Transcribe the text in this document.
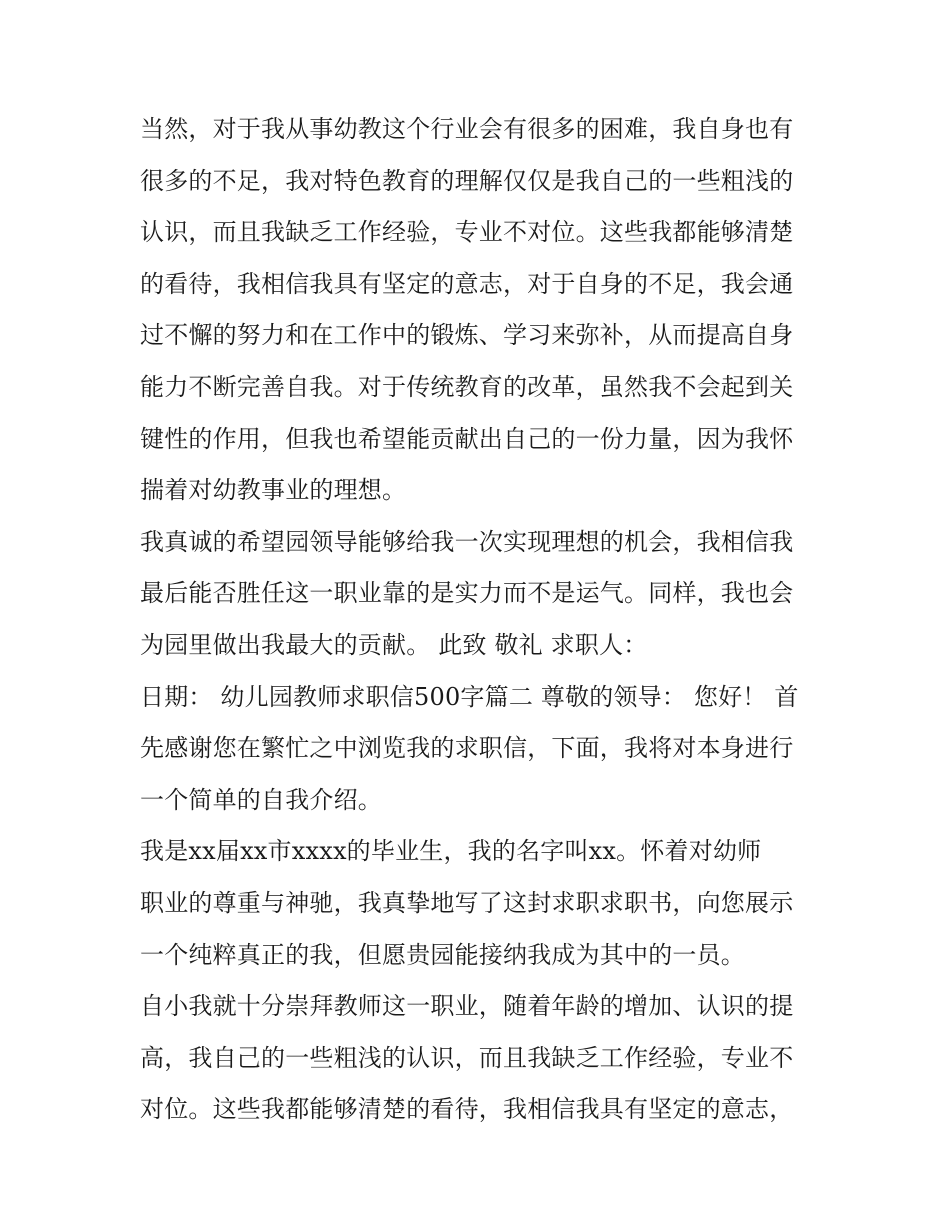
当然，对于我从事幼教这个行业会有很多的困难，我自身也有
很多的不足，我对特色教育的理解仅仅是我自己的一些粗浅的
认识，而且我缺乏工作经验，专业不对位。这些我都能够清楚
的看待，我相信我具有坚定的意志，对于自身的不足，我会通
过不懈的努力和在工作中的锻炼、学习来弥补，从而提高自身
能力不断完善自我。对于传统教育的改革，虽然我不会起到关
键性的作用，但我也希望能贡献出自己的一份力量，因为我怀
揣着对幼教事业的理想。
我真诚的希望园领导能够给我一次实现理想的机会，我相信我
最后能否胜任这一职业靠的是实力而不是运气。同样，我也会
为园里做出我最大的贡献。 此致 敬礼 求职人：
日期： 幼儿园教师求职信500字篇二 尊敬的领导： 您好！ 首
先感谢您在繁忙之中浏览我的求职信，下面，我将对本身进行
一个简单的自我介绍。
我是xx届xx市xxxx的毕业生，我的名字叫xx。怀着对幼师
职业的尊重与神驰，我真挚地写了这封求职求职书，向您展示
一个纯粹真正的我，但愿贵园能接纳我成为其中的一员。
自小我就十分崇拜教师这一职业，随着年龄的增加、认识的提
高，我自己的一些粗浅的认识，而且我缺乏工作经验，专业不
对位。这些我都能够清楚的看待，我相信我具有坚定的意志，
